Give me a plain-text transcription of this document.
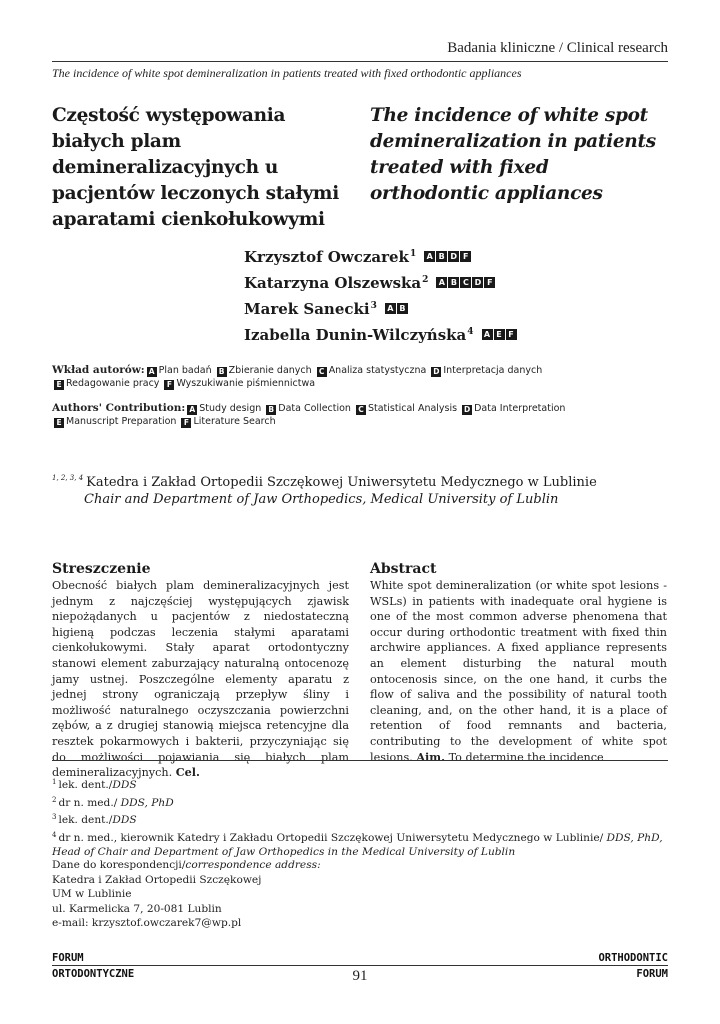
Badania kliniczne / Clinical research
The incidence of white spot demineralization in patients treated with fixed orthodontic appliances
Częstość występowania białych plam demineralizacyjnych u pacjentów leczonych stałymi aparatami cienkołukowymi
The incidence of white spot demineralization in patients treated with fixed orthodontic appliances
Krzysztof Owczarek$^1$ A B D F
Katarzyna Olszewska$^2$ A B C D F
Marek Sanecki$^3$ A B
Izabella Dunin-Wilczyńska$^4$ A E F
Wkład autorów: A Plan badań B Zbieranie danych C Analiza statystyczna D Interpretacja danych
E Redagowanie pracy F Wyszukiwanie piśmiennictwa
Authors' Contribution: A Study design B Data Collection C Statistical Analysis D Data Interpretation
E Manuscript Preparation F Literature Search
$^{1, 2, 3, 4}$ Katedra i Zakład Ortopedii Szczękowej Uniwersytetu Medycznego w Lublinie
Chair and Department of Jaw Orthopedics, Medical University of Lublin
Streszczenie
Obecność białych plam demineralizacyjnych jest jednym z najczęściej występujących zjawisk niepożądanych u pacjentów z niedostateczną higieną podczas leczenia stałymi aparatami cienkołukowymi. Stały aparat ortodontyczny stanowi element zaburzający naturalną ontocenozę jamy ustnej. Poszczególne elementy aparatu z jednej strony ograniczają przepływ śliny i możliwość naturalnego oczyszczania powierzchni zębów, a z drugiej stanowią miejsca retencyjne dla resztek pokarmowych i bakterii, przyczyniając się do możliwości pojawiania się białych plam demineralizacyjnych. Cel.
Abstract
White spot demineralization (or white spot lesions - WSLs) in patients with inadequate oral hygiene is one of the most common adverse phenomena that occur during orthodontic treatment with fixed thin archwire appliances. A fixed appliance represents an element disturbing the natural mouth ontocenosis since, on the one hand, it curbs the flow of saliva and the possibility of natural tooth cleaning, and, on the other hand, it is a place of retention of food remnants and bacteria, contributing to the development of white spot lesions. Aim. To determine the incidence
$^1$ lek. dent./DDS
$^2$ dr n. med./ DDS, PhD
$^3$ lek. dent./DDS
$^4$ dr n. med., kierownik Katedry i Zakładu Ortopedii Szczękowej Uniwersytetu Medycznego w Lublinie/ DDS, PhD, Head of Chair and Department of Jaw Orthopedics in the Medical University of Lublin
Dane do korespondencji/correspondence address:
Katedra i Zakład Ortopedii Szczękowej
UM w Lublinie
ul. Karmelicka 7, 20-081 Lublin
e-mail: krzysztof.owczarek7@wp.pl
FORUM
ORTODONTYCZNE
ORTHODONTIC
FORUM
91
